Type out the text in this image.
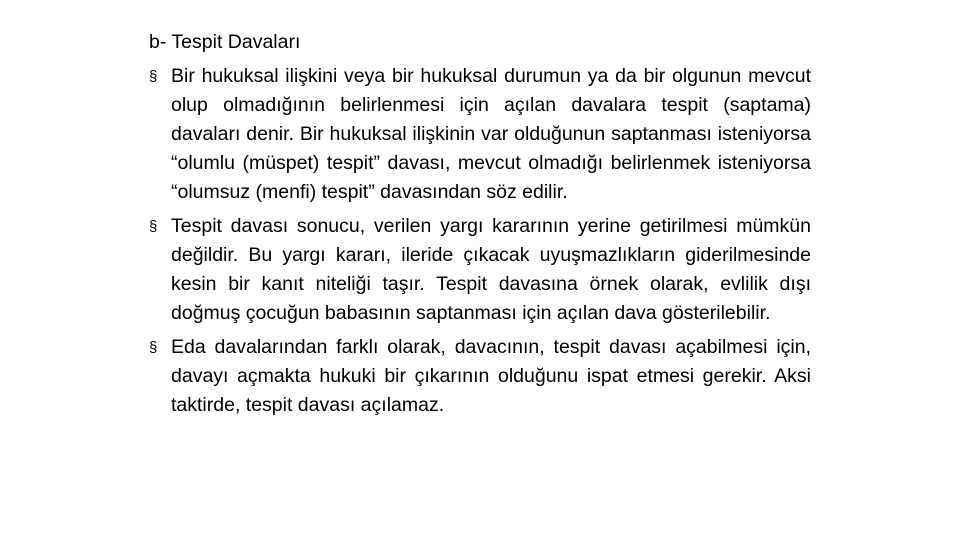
b- Tespit Davaları
§ Bir hukuksal ilişkini veya bir hukuksal durumun ya da bir olgunun mevcut olup olmadığının belirlenmesi için açılan davalara tespit (saptama) davaları denir. Bir hukuksal ilişkinin var olduğunun saptanması isteniyorsa “olumlu (müspet) tespit” davası, mevcut olmadığı belirlenmek isteniyorsa “olumsuz (menfi) tespit” davasından söz edilir.
§ Tespit davası sonucu, verilen yargı kararının yerine getirilmesi mümkün değildir. Bu yargı kararı, ileride çıkacak uyuşmazlıkların giderilmesinde kesin bir kanıt niteliği taşır. Tespit davasına örnek olarak, evlilik dışı doğmuş çocuğun babasının saptanması için açılan dava gösterilebilir.
§ Eda davalarından farklı olarak, davacının, tespit davası açabilmesi için, davayı açmakta hukuki bir çıkarının olduğunu ispat etmesi gerekir. Aksi taktirde, tespit davası açılamaz.
